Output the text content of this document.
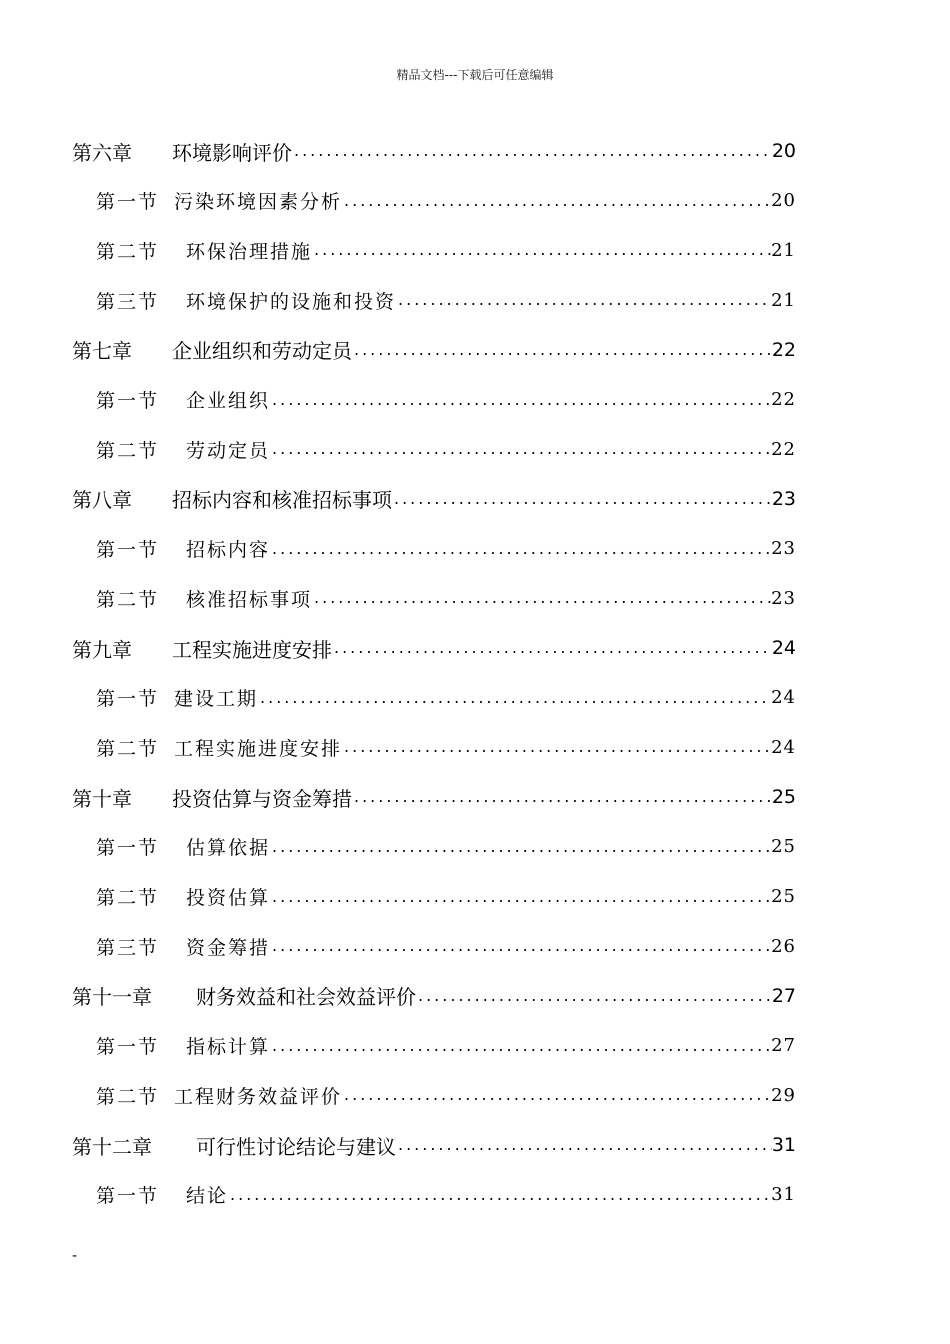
精品文档---下载后可任意编辑
第六章	环境影响评价 .....	20
第一节 污染环境因素分析 .....	20
第二节	环保治理措施 .....	21
第三节	环境保护的设施和投资 .....	21
第七章	企业组织和劳动定员 .....	22
第一节	企业组织 .....	22
第二节	劳动定员 .....	22
第八章	招标内容和核准招标事项 .....	23
第一节	招标内容 .....	23
第二节	核准招标事项 .....	23
第九章	工程实施进度安排 .....	24
第一节 建设工期 .....	24
第二节 工程实施进度安排 .....	24
第十章	投资估算与资金筹措 .....	25
第一节	估算依据 .....	25
第二节	投资估算 .....	25
第三节	资金筹措 .....	26
第十一章	财务效益和社会效益评价 .....	27
第一节	指标计算 .....	27
第二节 工程财务效益评价 .....	29
第十二章	可行性讨论结论与建议 .....	31
第一节	结论 .....	31
-
